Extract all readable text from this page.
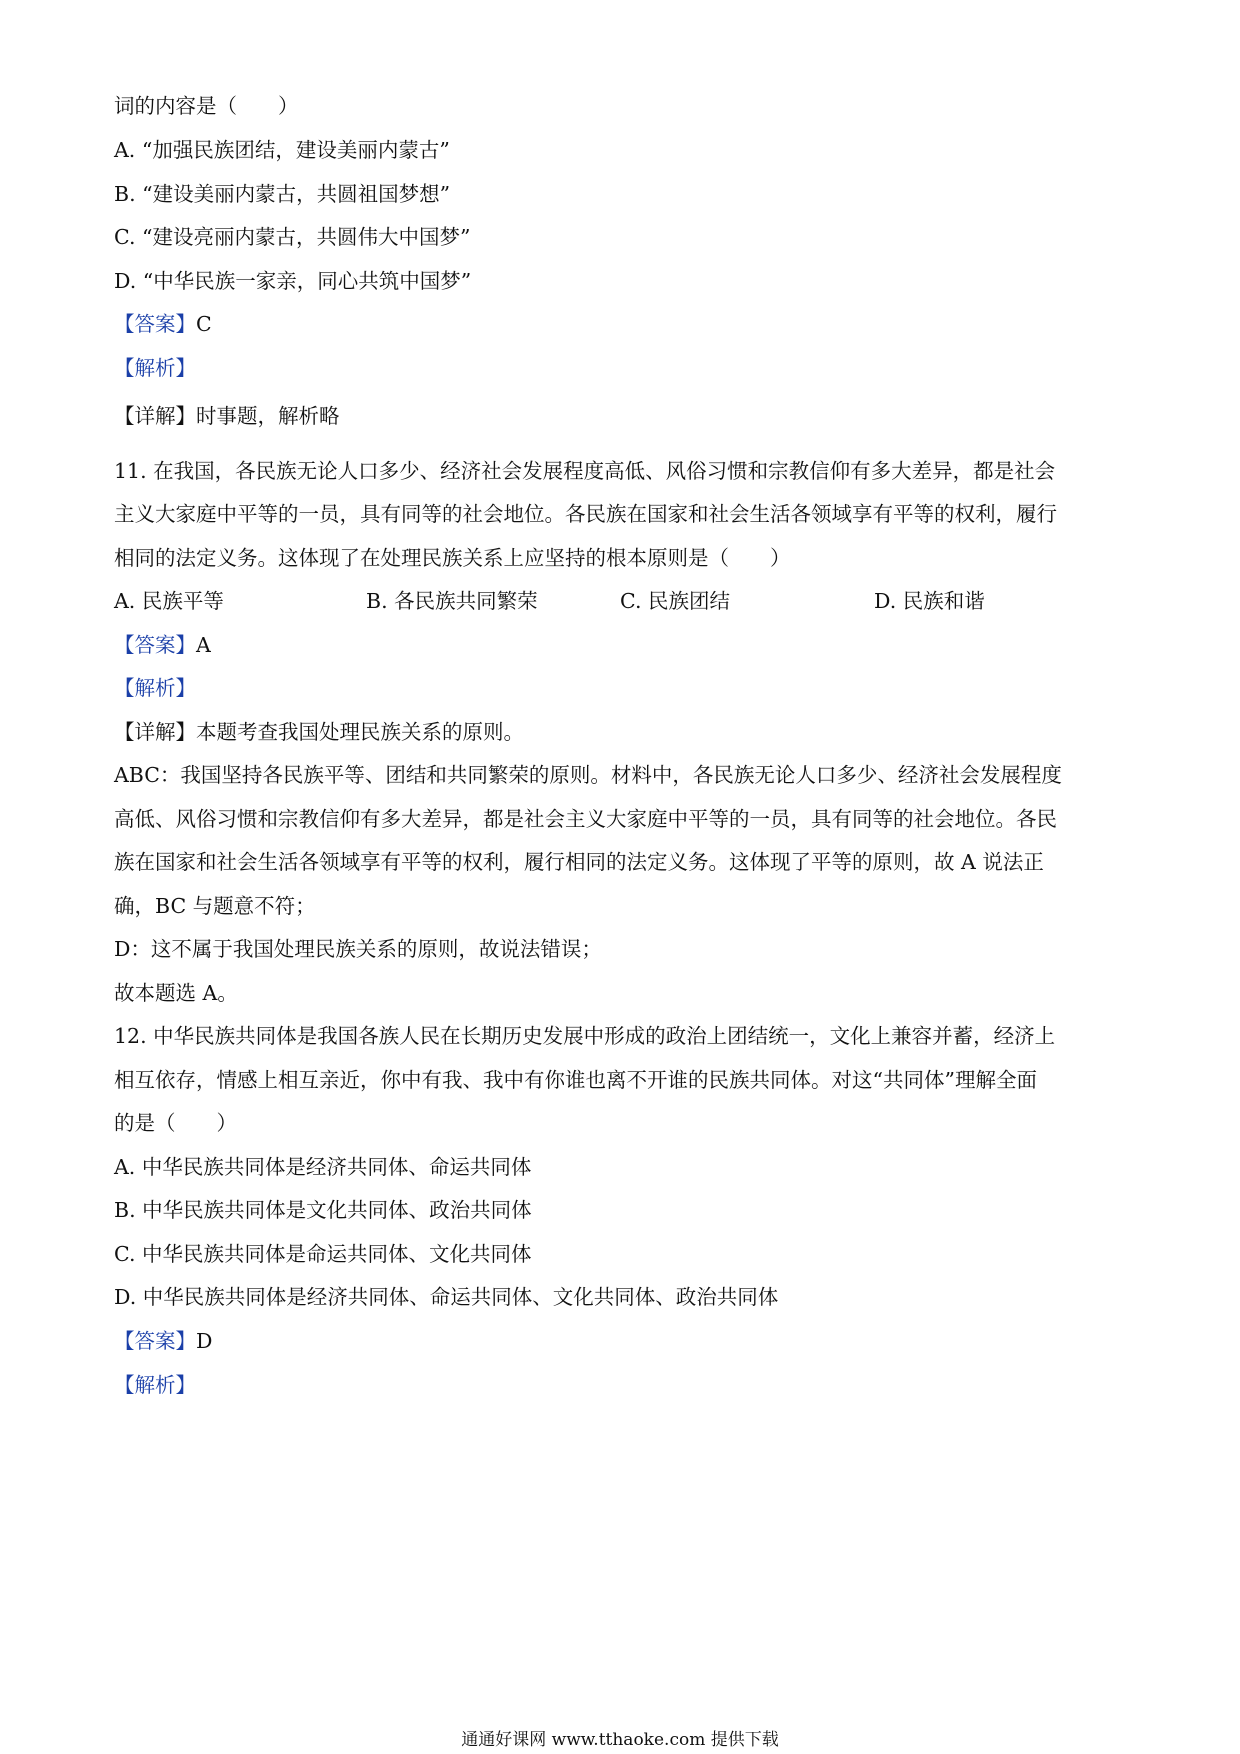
词的内容是（　　）
A. “加强民族团结，建设美丽内蒙古”
B. “建设美丽内蒙古，共圆祖国梦想”
C. “建设亮丽内蒙古，共圆伟大中国梦”
D. “中华民族一家亲，同心共筑中国梦”
【答案】C
【解析】
【详解】时事题，解析略
11. 在我国，各民族无论人口多少、经济社会发展程度高低、风俗习惯和宗教信仰有多大差异，都是社会
主义大家庭中平等的一员，具有同等的社会地位。各民族在国家和社会生活各领域享有平等的权利，履行
相同的法定义务。这体现了在处理民族关系上应坚持的根本原则是（　　）
A. 民族平等	B. 各民族共同繁荣	C. 民族团结	D. 民族和谐
【答案】A
【解析】
【详解】本题考查我国处理民族关系的原则。
ABC：我国坚持各民族平等、团结和共同繁荣的原则。材料中，各民族无论人口多少、经济社会发展程度
高低、风俗习惯和宗教信仰有多大差异，都是社会主义大家庭中平等的一员，具有同等的社会地位。各民
族在国家和社会生活各领域享有平等的权利，履行相同的法定义务。这体现了平等的原则，故 A 说法正
确，BC 与题意不符；
D：这不属于我国处理民族关系的原则，故说法错误；
故本题选 A。
12. 中华民族共同体是我国各族人民在长期历史发展中形成的政治上团结统一，文化上兼容并蓄，经济上
相互依存，情感上相互亲近，你中有我、我中有你谁也离不开谁的民族共同体。对这“共同体”理解全面
的是（　　）
A. 中华民族共同体是经济共同体、命运共同体
B. 中华民族共同体是文化共同体、政治共同体
C. 中华民族共同体是命运共同体、文化共同体
D. 中华民族共同体是经济共同体、命运共同体、文化共同体、政治共同体
【答案】D
【解析】
通通好课网 www.tthaoke.com 提供下载
